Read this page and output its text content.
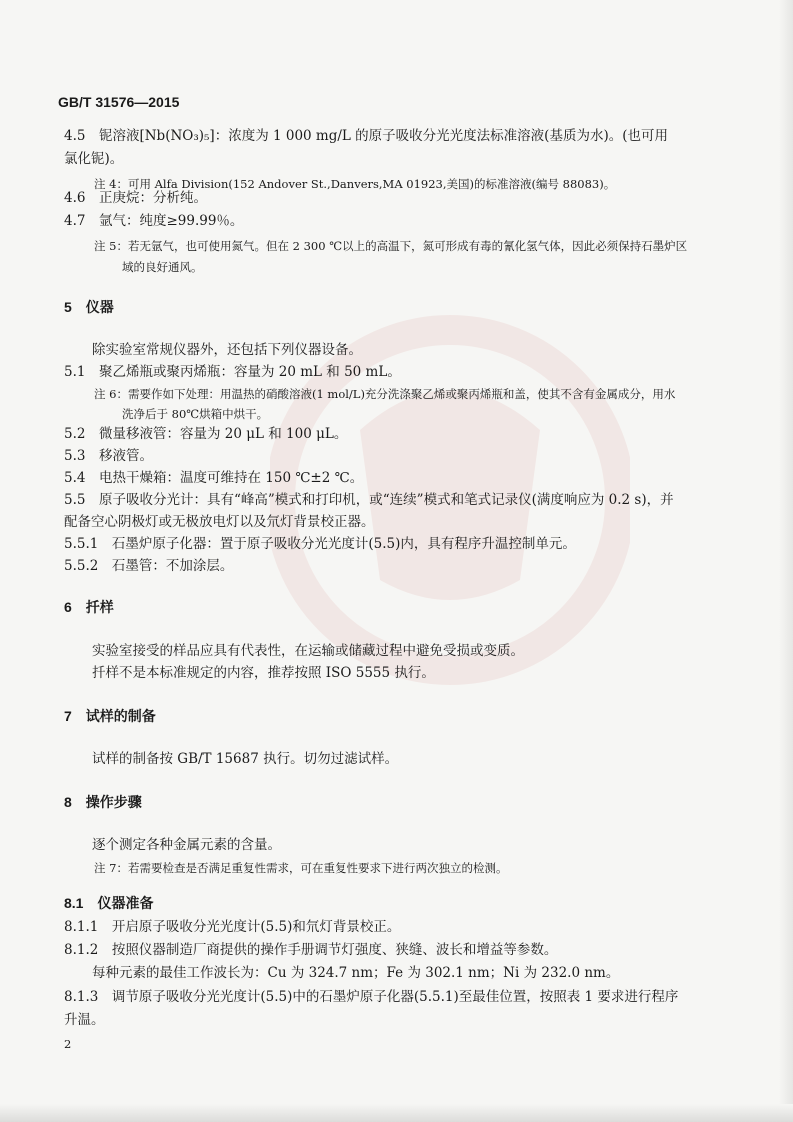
GB/T 31576—2015
4.5　铌溶液[Nb(NO₃)₅]：浓度为 1 000 mg/L 的原子吸收分光光度法标准溶液(基质为水)。(也可用
氯化铌)。
注 4：可用 Alfa Division(152 Andover St.,Danvers,MA 01923,美国)的标准溶液(编号 88083)。
4.6　正庚烷：分析纯。
4.7　氩气：纯度≥99.99％。
注 5：若无氩气，也可使用氮气。但在 2 300 ℃以上的高温下，氮可形成有毒的氰化氢气体，因此必须保持石墨炉区
域的良好通风。
5　仪器
除实验室常规仪器外，还包括下列仪器设备。
5.1　聚乙烯瓶或聚丙烯瓶：容量为 20 mL 和 50 mL。
注 6：需要作如下处理：用温热的硝酸溶液(1 mol/L)充分洗涤聚乙烯或聚丙烯瓶和盖，使其不含有金属成分，用水
洗净后于 80℃烘箱中烘干。
5.2　微量移液管：容量为 20 μL 和 100 μL。
5.3　移液管。
5.4　电热干燥箱：温度可维持在 150 ℃±2 ℃。
5.5　原子吸收分光计：具有“峰高”模式和打印机，或“连续”模式和笔式记录仪(满度响应为 0.2 s)，并
配备空心阴极灯或无极放电灯以及氘灯背景校正器。
5.5.1　石墨炉原子化器：置于原子吸收分光光度计(5.5)内，具有程序升温控制单元。
5.5.2　石墨管：不加涂层。
6　扦样
实验室接受的样品应具有代表性，在运输或储藏过程中避免受损或变质。
扦样不是本标准规定的内容，推荐按照 ISO 5555 执行。
7　试样的制备
试样的制备按 GB/T 15687 执行。切勿过滤试样。
8　操作步骤
逐个测定各种金属元素的含量。
注 7：若需要检查是否满足重复性需求，可在重复性要求下进行两次独立的检测。
8.1　仪器准备
8.1.1　开启原子吸收分光光度计(5.5)和氘灯背景校正。
8.1.2　按照仪器制造厂商提供的操作手册调节灯强度、狭缝、波长和增益等参数。
每种元素的最佳工作波长为：Cu 为 324.7 nm；Fe 为 302.1 nm；Ni 为 232.0 nm。
8.1.3　调节原子吸收分光光度计(5.5)中的石墨炉原子化器(5.5.1)至最佳位置，按照表 1 要求进行程序
升温。
2
